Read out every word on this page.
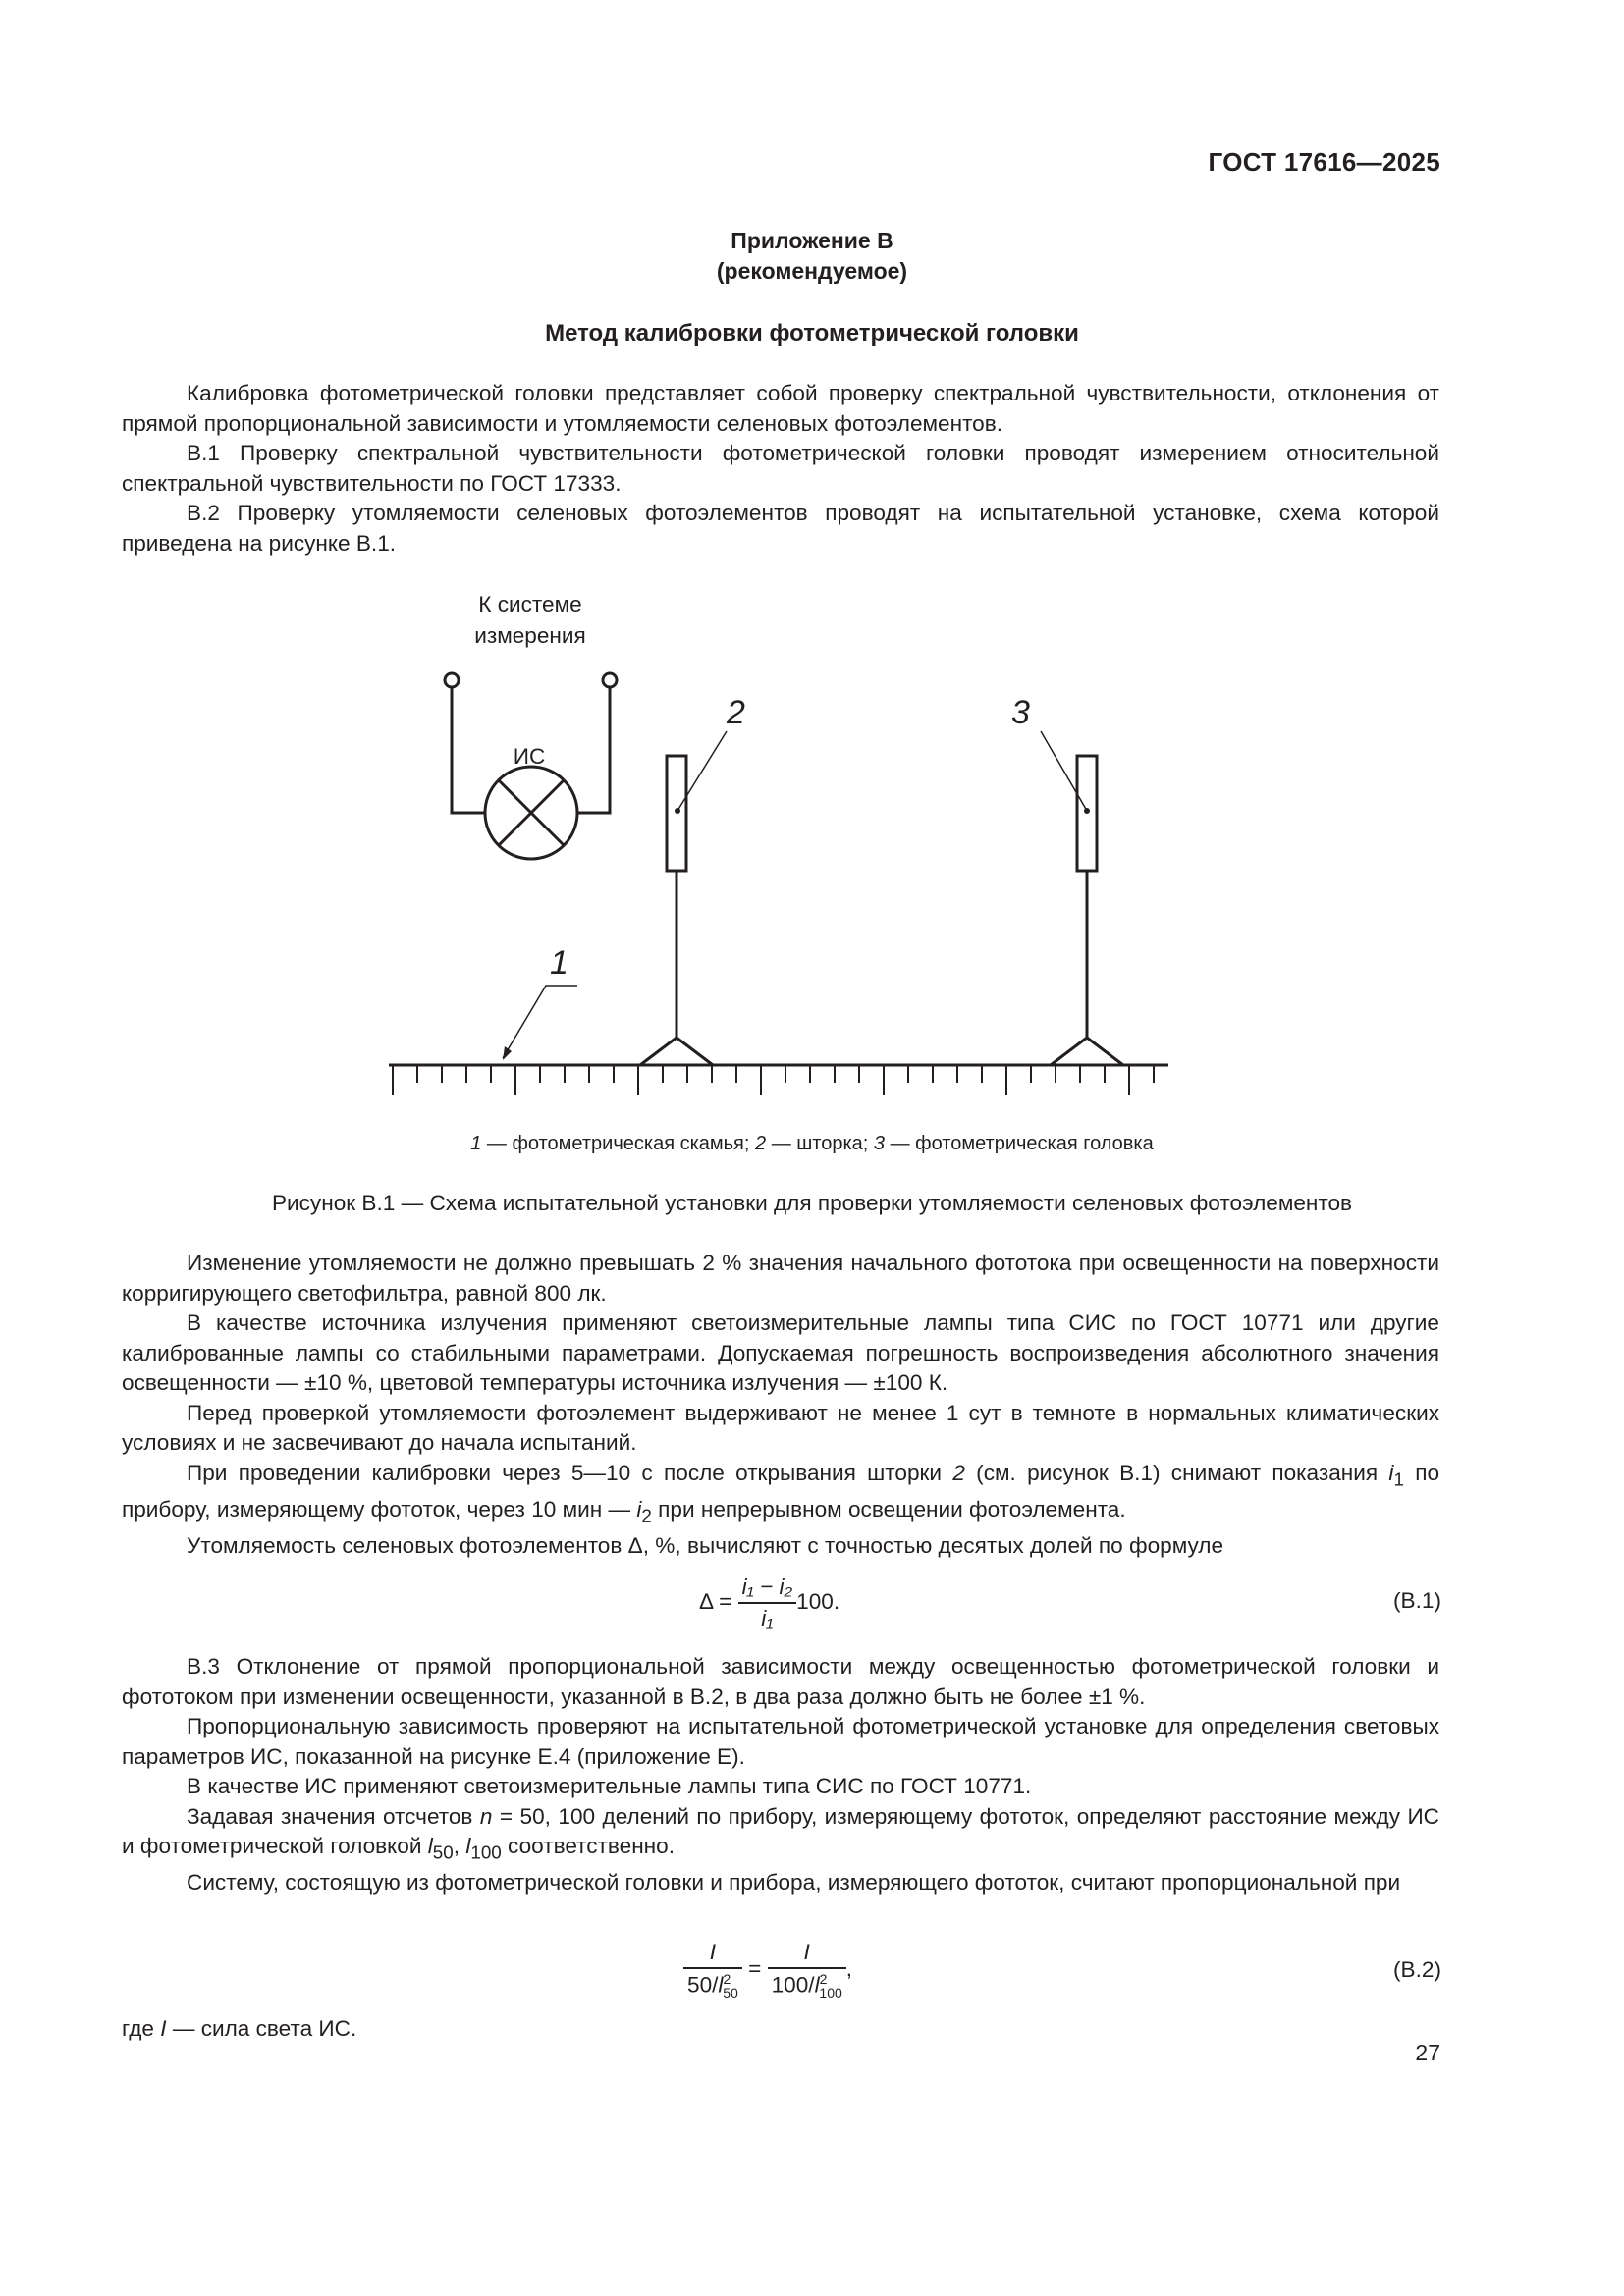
ГОСТ 17616—2025
Приложение В
(рекомендуемое)
Метод калибровки фотометрической головки

Калибровка фотометрической головки представляет собой проверку спектральной чувствительности, отклонения от прямой пропорциональной зависимости и утомляемости селеновых фотоэлементов.

В.1 Проверку спектральной чувствительности фотометрической головки проводят измерением относительной спектральной чувствительности по ГОСТ 17333.

В.2 Проверку утомляемости селеновых фотоэлементов проводят на испытательной установке, схема которой приведена на рисунке В.1.

К системе
измерения
ИС
2	3
1
1 — фотометрическая скамья; 2 — шторка; 3 — фотометрическая головка
Рисунок В.1 — Схема испытательной установки для проверки утомляемости селеновых фотоэлементов

Изменение утомляемости не должно превышать 2 % значения начального фототока при освещенности на поверхности корригирующего светофильтра, равной 800 лк.

В качестве источника излучения применяют светоизмерительные лампы типа СИС по ГОСТ 10771 или другие калиброванные лампы со стабильными параметрами. Допускаемая погрешность воспроизведения абсолютного значения освещенности — ±10 %, цветовой температуры источника излучения — ±100 К.

Перед проверкой утомляемости фотоэлемент выдерживают не менее 1 сут в темноте в нормальных климатических условиях и не засвечивают до начала испытаний.

При проведении калибровки через 5—10 с после открывания шторки 2 (см. рисунок В.1) снимают показания $i_1$ по прибору, измеряющему фототок, через 10 мин — $i_2$ при непрерывном освещении фотоэлемента.

Утомляемость селеновых фотоэлементов Δ, %, вычисляют с точностью десятых долей по формуле

$\Delta = \frac{\text{i₁ − i₂}}{\text{i₁}} 100$.	(В.1)

В.3 Отклонение от прямой пропорциональной зависимости между освещенностью фотометрической головки и фототоком при изменении освещенности, указанной в В.2, в два раза должно быть не более ±1 %.

Пропорциональную зависимость проверяют на испытательной фотометрической установке для определения световых параметров ИС, показанной на рисунке Е.4 (приложение Е).

В качестве ИС применяют светоизмерительные лампы типа СИС по ГОСТ 10771.

Задавая значения отсчетов n = 50, 100 делений по прибору, измеряющему фототок, определяют расстояние между ИС и фотометрической головкой $l_{50}$, $l_{100}$ соответственно.

Систему, состоящую из фотометрической головки и прибора, измеряющего фототок, считают пропорциональной при

$\frac{I}{50/l^2_{50}} = \frac{I}{100/l^2_{100}}$ ,	(В.2)
где I — сила света ИС.
27
